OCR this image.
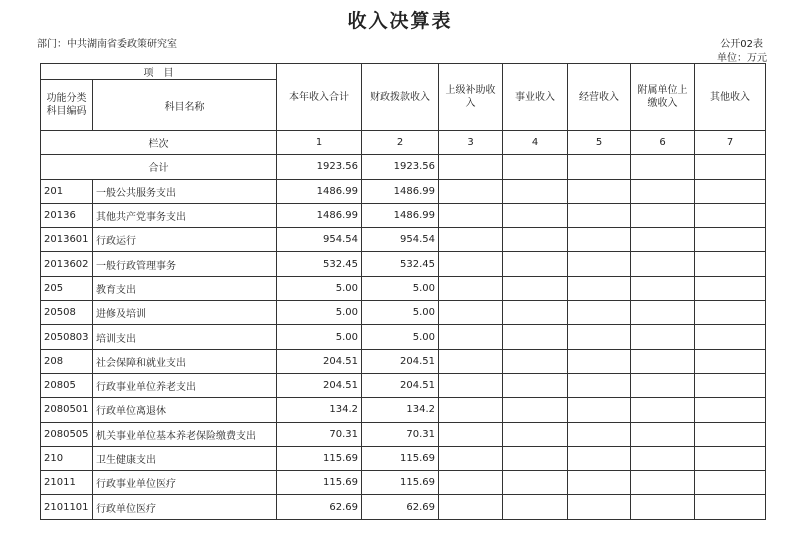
收入决算表
部门：中共湖南省委政策研究室	公开02表
单位：万元
项　目		本年收入合计	财政拨款收入	上级补助收入	事业收入	经营收入	附属单位上缴收入	其他收入
功能分类科目编码	科目名称							
栏次		1	2	3	4	5	6	7
合计		1923.56	1923.56					
201	一般公共服务支出	1486.99	1486.99					
20136	其他共产党事务支出	1486.99	1486.99					
2013601	行政运行	954.54	954.54					
2013602	一般行政管理事务	532.45	532.45					
205	教育支出	5.00	5.00					
20508	进修及培训	5.00	5.00					
2050803	培训支出	5.00	5.00					
208	社会保障和就业支出	204.51	204.51					
20805	行政事业单位养老支出	204.51	204.51					
2080501	行政单位离退休	134.2	134.2					
2080505	机关事业单位基本养老保险缴费支出	70.31	70.31					
210	卫生健康支出	115.69	115.69					
21011	行政事业单位医疗	115.69	115.69					
2101101	行政单位医疗	62.69	62.69					
